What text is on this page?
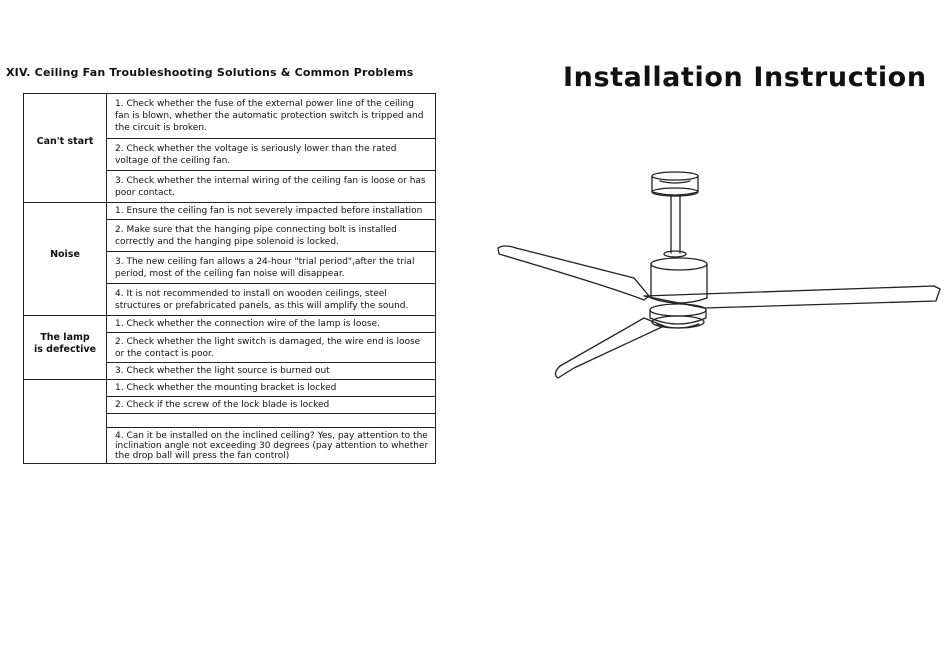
XIV. Ceiling Fan Troubleshooting Solutions & Common Problems
Can't start	1. Check whether the fuse of the external power line of the ceiling fan is blown, whether the automatic protection switch is tripped and the circuit is broken.
	2. Check whether the voltage is seriously lower than the rated voltage of the ceiling fan.
	3. Check whether the internal wiring of the ceiling fan is loose or has poor contact.

Noise	1. Ensure the ceiling fan is not severely impacted before installation
	2. Make sure that the hanging pipe connecting bolt is installed correctly and the hanging pipe solenoid is locked.
	3. The new ceiling fan allows a 24-hour "trial period",after the trial period, most of the ceiling fan noise will disappear.
	4. It is not recommended to install on wooden ceilings, steel structures or prefabricated panels, as this will amplify the sound.

The lamp
is defective	1. Check whether the connection wire of the lamp is loose.
	2. Check whether the light switch is damaged, the wire end is loose or the contact is poor.
	3. Check whether the light source is burned out
	1. Check whether the mounting bracket is locked
	2. Check if the screw of the lock blade is locked

	4. Can it be installed on the inclined ceiling? Yes, pay attention to the inclination angle not exceeding 30 degrees (pay attention to whether the drop ball will press the fan control)
Installation Instruction
